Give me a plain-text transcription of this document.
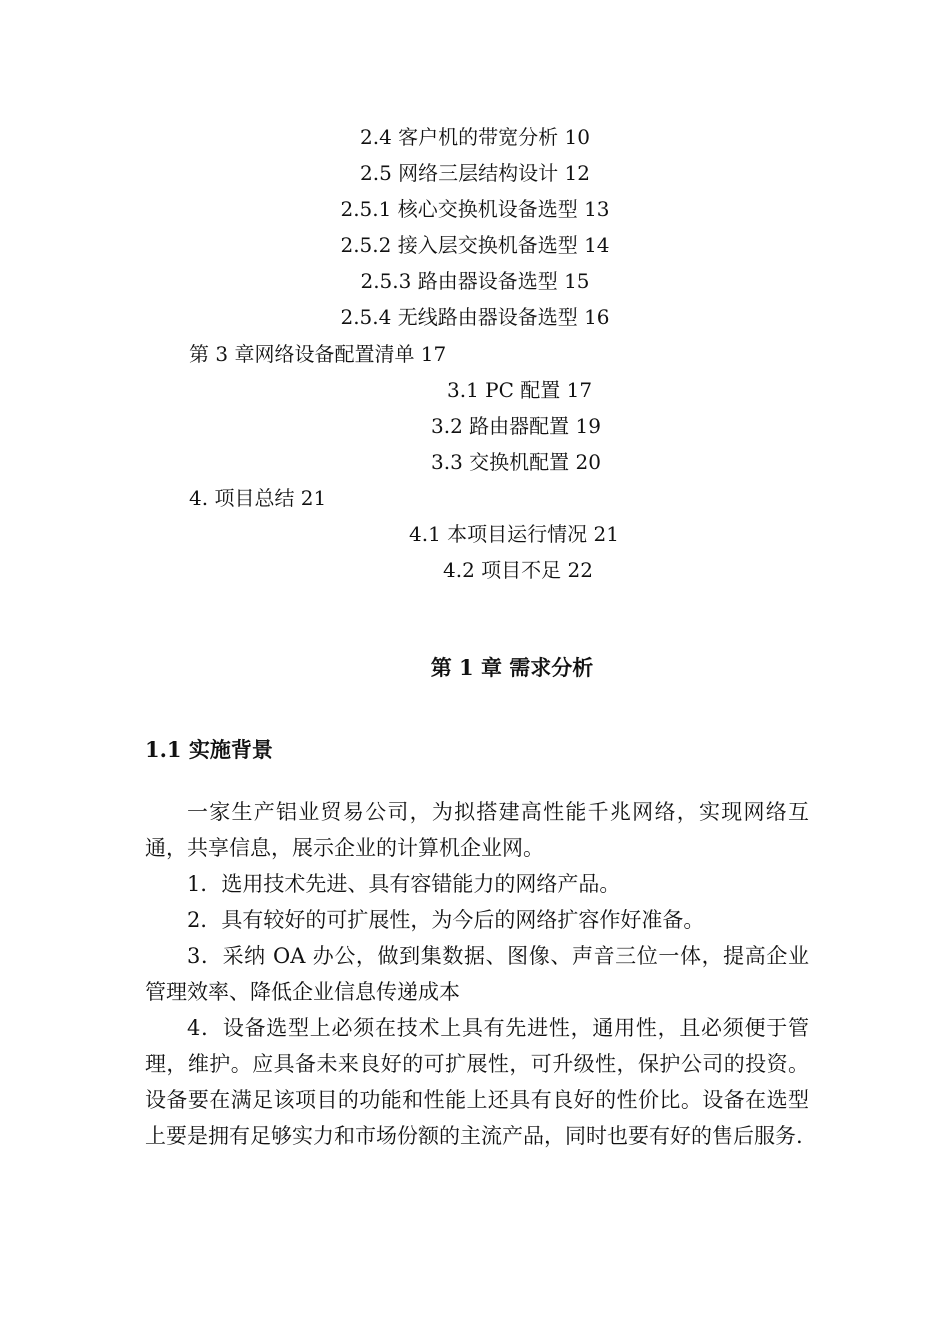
2.4 客户机的带宽分析 10
2.5 网络三层结构设计 12
2.5.1 核心交换机设备选型 13
2.5.2 接入层交换机备选型 14
2.5.3 路由器设备选型 15
2.5.4 无线路由器设备选型 16
第 3 章网络设备配置清单 17
3.1 PC 配置 17
3.2 路由器配置 19
3.3 交换机配置 20
4. 项目总结 21
4.1 本项目运行情况 21
4.2 项目不足 22
第 1 章 需求分析
1.1 实施背景

一家生产铝业贸易公司，为拟搭建高性能千兆网络，实现网络互通，共享信息，展示企业的计算机企业网。

1．选用技术先进、具有容错能力的网络产品。

2．具有较好的可扩展性，为今后的网络扩容作好准备。

3．采纳 OA 办公，做到集数据、图像、声音三位一体，提高企业管理效率、降低企业信息传递成本

4．设备选型上必须在技术上具有先进性，通用性，且必须便于管理，维护。应具备未来良好的可扩展性，可升级性，保护公司的投资。设备要在满足该项目的功能和性能上还具有良好的性价比。设备在选型上要是拥有足够实力和市场份额的主流产品，同时也要有好的售后服务.
